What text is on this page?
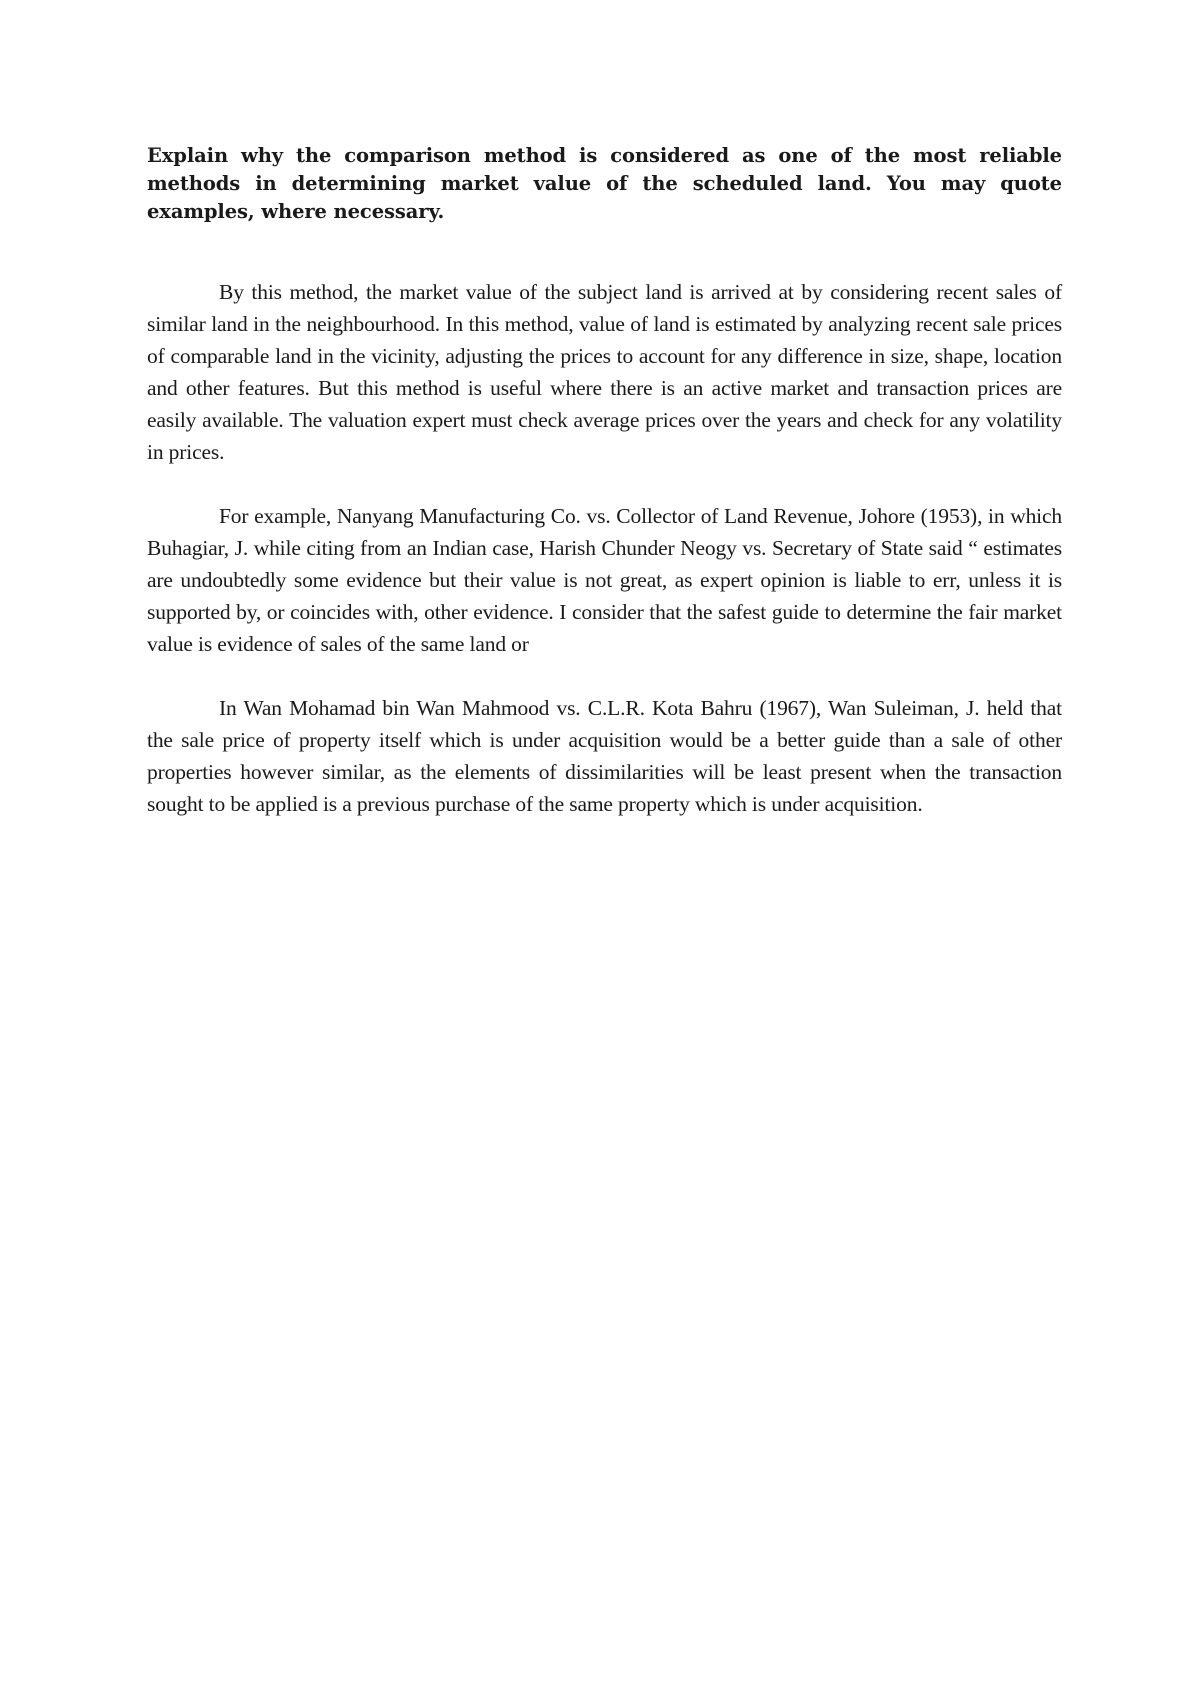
Explain why the comparison method is considered as one of the most reliable methods in determining market value of the scheduled land. You may quote examples, where necessary.

By this method, the market value of the subject land is arrived at by considering recent sales of similar land in the neighbourhood. In this method, value of land is estimated by analyzing recent sale prices of comparable land in the vicinity, adjusting the prices to account for any difference in size, shape, location and other features. But this method is useful where there is an active market and transaction prices are easily available. The valuation expert must check average prices over the years and check for any volatility in prices.

For example, Nanyang Manufacturing Co. vs. Collector of Land Revenue, Johore (1953), in which Buhagiar, J. while citing from an Indian case, Harish Chunder Neogy vs. Secretary of State said “ estimates are undoubtedly some evidence but their value is not great, as expert opinion is liable to err, unless it is supported by, or coincides with, other evidence. I consider that the safest guide to determine the fair market value is evidence of sales of the same land or

In Wan Mohamad bin Wan Mahmood vs. C.L.R. Kota Bahru (1967), Wan Suleiman, J. held that the sale price of property itself which is under acquisition would be a better guide than a sale of other properties however similar, as the elements of dissimilarities will be least present when the transaction sought to be applied is a previous purchase of the same property which is under acquisition.
